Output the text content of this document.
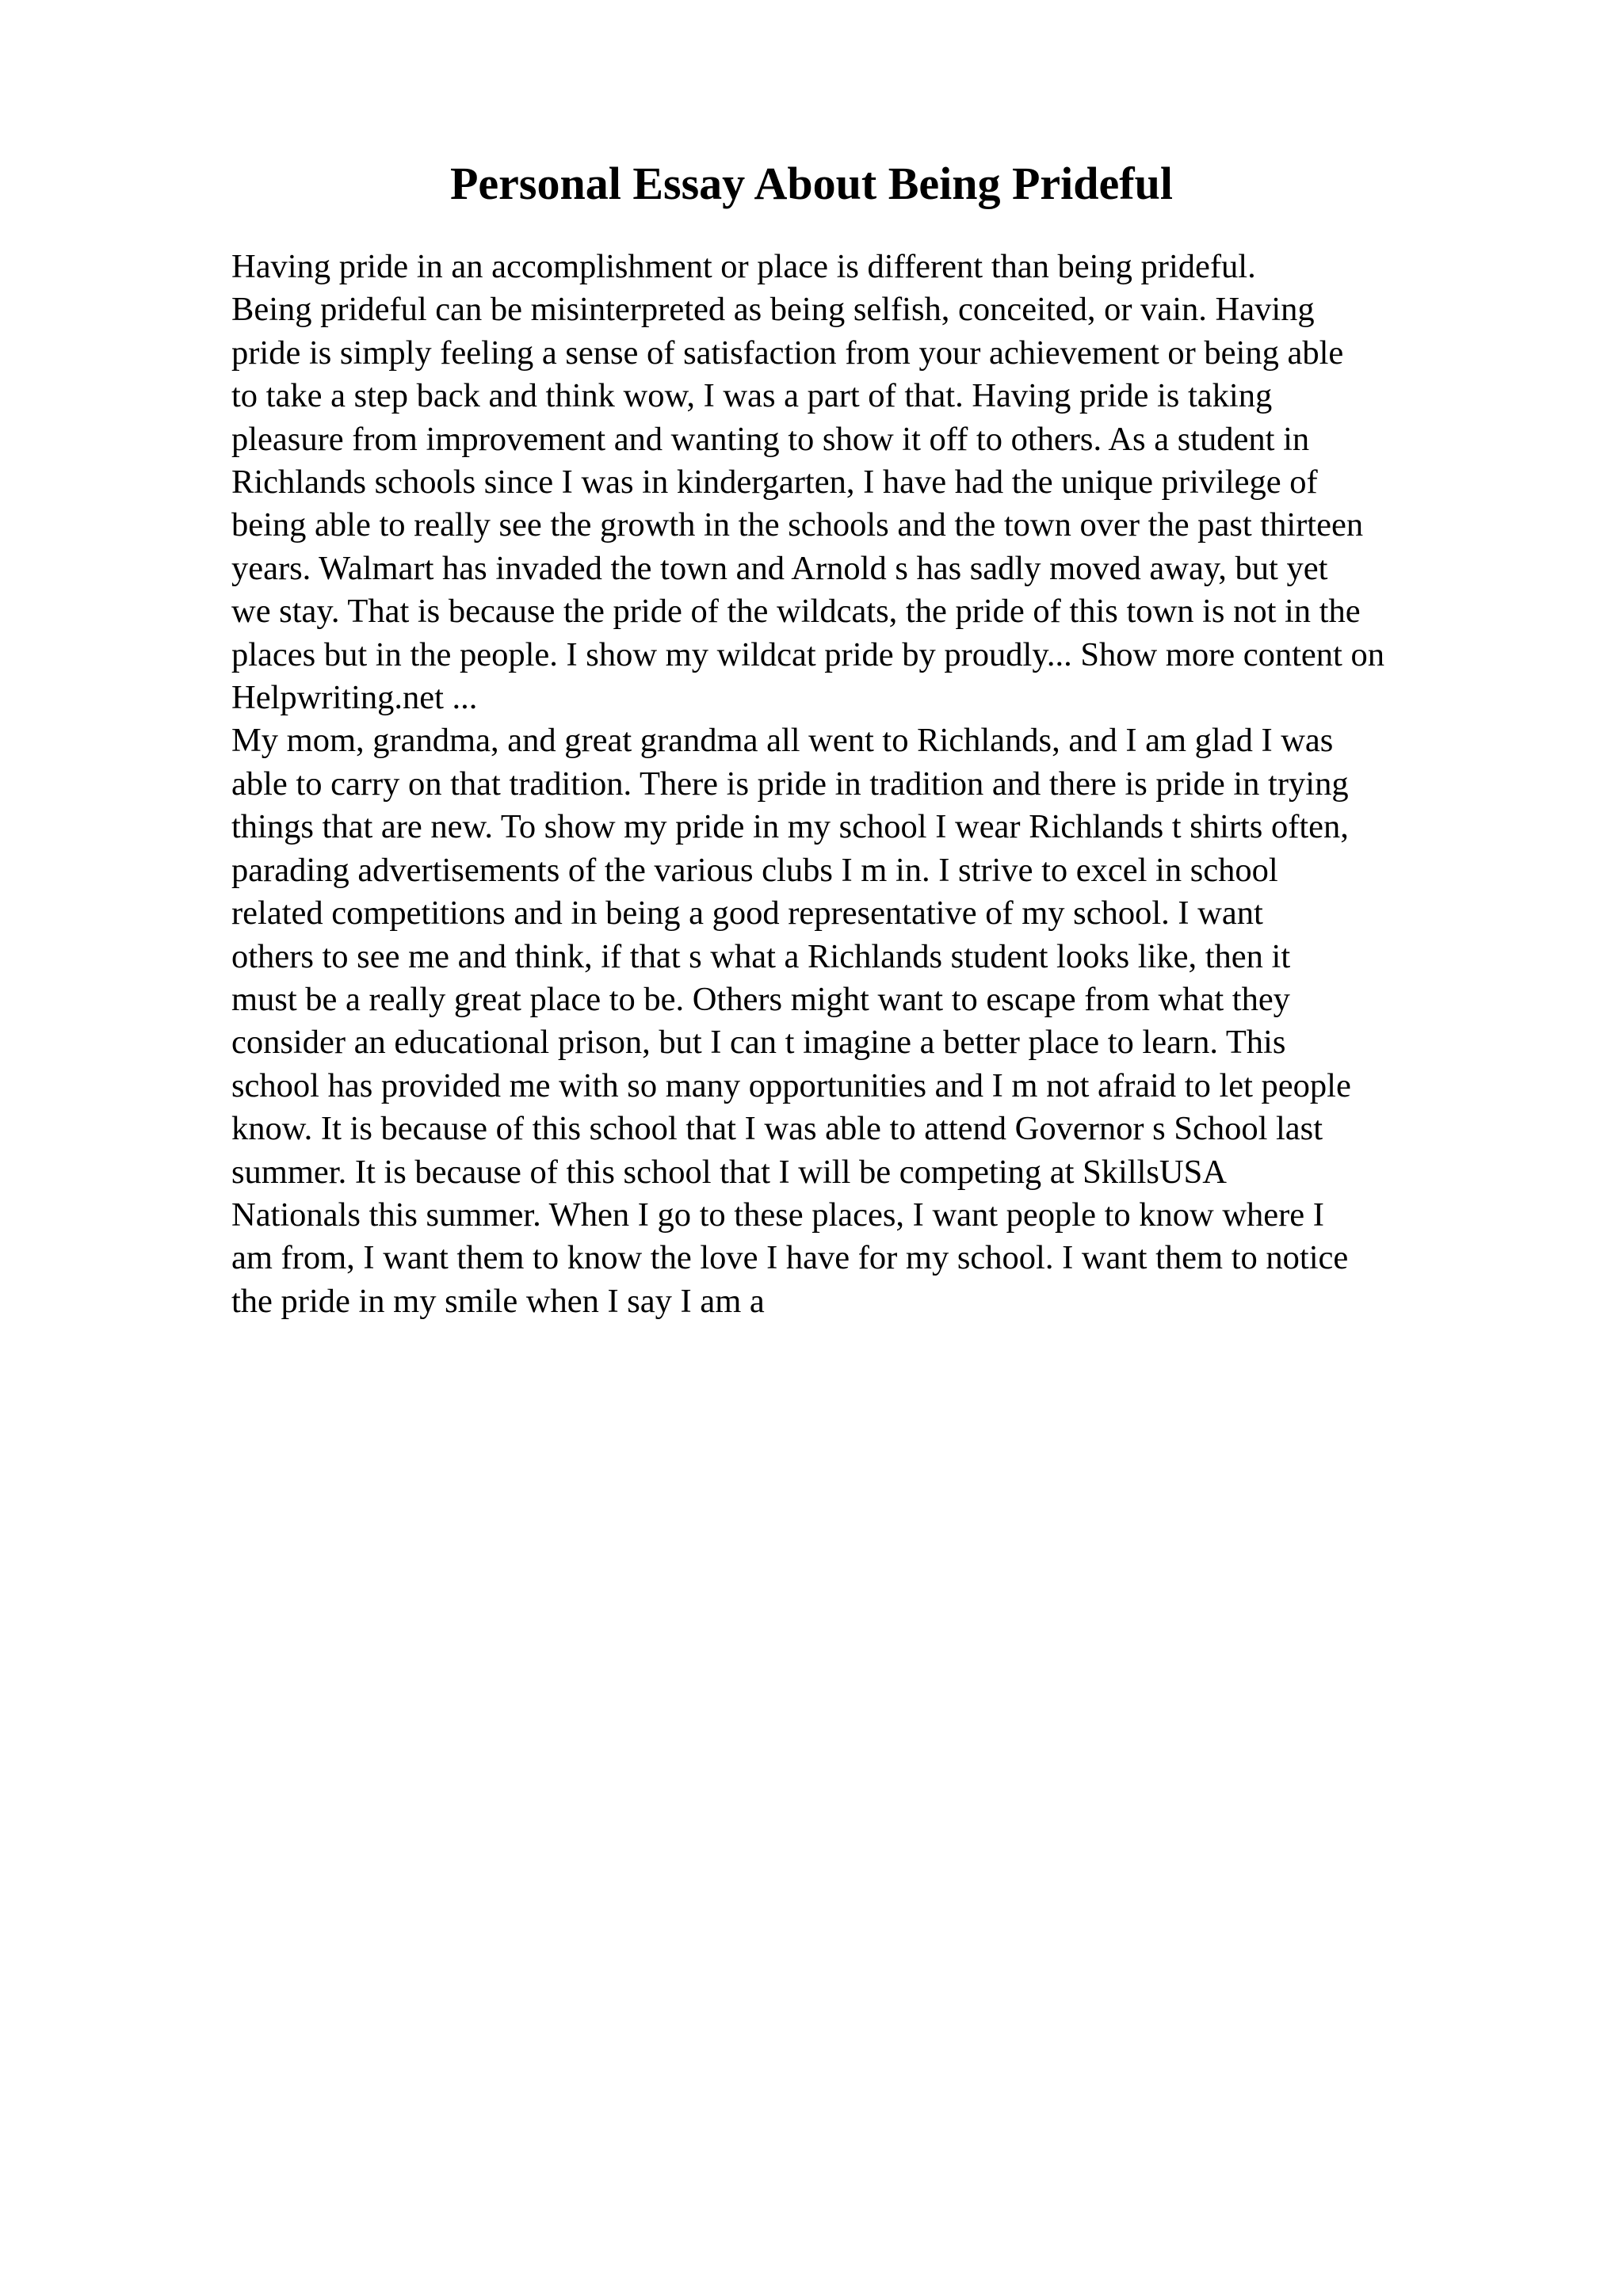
Personal Essay About Being Prideful
Having pride in an accomplishment or place is different than being prideful.
Being prideful can be misinterpreted as being selfish, conceited, or vain. Having
pride is simply feeling a sense of satisfaction from your achievement or being able
to take a step back and think wow, I was a part of that. Having pride is taking
pleasure from improvement and wanting to show it off to others. As a student in
Richlands schools since I was in kindergarten, I have had the unique privilege of
being able to really see the growth in the schools and the town over the past thirteen
years. Walmart has invaded the town and Arnold s has sadly moved away, but yet
we stay. That is because the pride of the wildcats, the pride of this town is not in the
places but in the people. I show my wildcat pride by proudly... Show more content on
Helpwriting.net ...
My mom, grandma, and great grandma all went to Richlands, and I am glad I was
able to carry on that tradition. There is pride in tradition and there is pride in trying
things that are new. To show my pride in my school I wear Richlands t shirts often,
parading advertisements of the various clubs I m in. I strive to excel in school
related competitions and in being a good representative of my school. I want
others to see me and think, if that s what a Richlands student looks like, then it
must be a really great place to be. Others might want to escape from what they
consider an educational prison, but I can t imagine a better place to learn. This
school has provided me with so many opportunities and I m not afraid to let people
know. It is because of this school that I was able to attend Governor s School last
summer. It is because of this school that I will be competing at SkillsUSA
Nationals this summer. When I go to these places, I want people to know where I
am from, I want them to know the love I have for my school. I want them to notice
the pride in my smile when I say I am a
